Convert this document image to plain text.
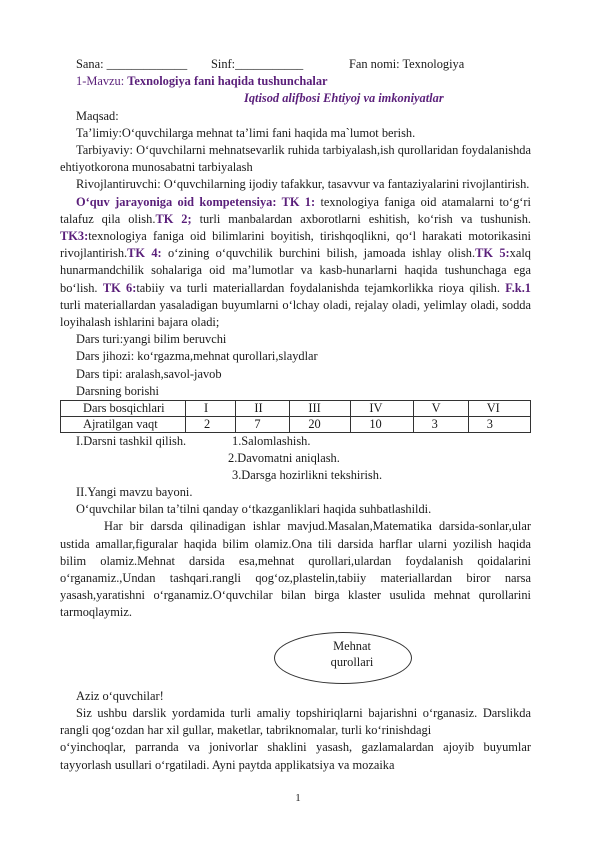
Sana: _____________	Sinf:___________	Fan nomi: Texnologiya

1-Mavzu: Texnologiya fani haqida tushunchalar

Iqtisod alifbosi Ehtiyoj va imkoniyatlar

Maqsad:

Ta’limiy:O‘quvchilarga mehnat ta’limi fani haqida ma`lumot berish.

Tarbiyaviy: O‘quvchilarni mehnatsevarlik ruhida tarbiyalash,ish qurollaridan foydalanishda ehtiyotkorona munosabatni tarbiyalash

Rivojlantiruvchi: O‘quvchilarning ijodiy tafakkur, tasavvur va fantaziyalarini rivojlantirish.

O‘quv jarayoniga oid kompetensiya: TK 1: texnologiya faniga oid atamalarni to‘g‘ri talafuz qila olish.TK 2; turli manbalardan axborotlarni eshitish, ko‘rish va tushunish. TK3:texnologiya faniga oid bilimlarini boyitish, tirishqoqlikni, qo‘l harakati motorikasini rivojlantirish.TK 4: o‘zining o‘quvchilik burchini bilish, jamoada ishlay olish.TK 5:xalq hunarmandchilik sohalariga oid ma’lumotlar va kasb-hunarlarni haqida tushunchaga ega bo‘lish. TK 6:tabiiy va turli materiallardan foydalanishda tejamkorlikka rioya qilish. F.k.1 turli materiallardan yasaladigan buyumlarni o‘lchay oladi, rejalay oladi, yelimlay oladi, sodda loyihalash ishlarini bajara oladi;

Dars turi:yangi bilim beruvchi

Dars jihozi: ko‘rgazma,mehnat qurollari,slaydlar

Dars tipi: aralash,savol-javob

Darsning borishi

Dars bosqichlari	I	II	III	IV	V	VI
Ajratilgan vaqt	2	7	20	10	3	3
I.Darsni tashkil qilish.	1.Salomlashish.
2.Davomatni aniqlash.
3.Darsga hozirlikni tekshirish.

II.Yangi mavzu bayoni.

O‘quvchilar bilan ta’tilni qanday o‘tkazganliklari haqida suhbatlashildi.

Har bir darsda qilinadigan ishlar mavjud.Masalan,Matematika darsida-sonlar,ular ustida amallar,figuralar haqida bilim olamiz.Ona tili darsida harflar ularni yozilish haqida bilim olamiz.Mehnat darsida esa,mehnat qurollari,ulardan foydalanish qoidalarini o‘rganamiz.,Undan tashqari.rangli qog‘oz,plastelin,tabiiy materiallardan biror narsa yasash,yaratishni o‘rganamiz.O‘quvchilar bilan birga klaster usulida mehnat qurollarini tarmoqlaymiz.

Mehnat
qurollari

Aziz o‘quvchilar!

Siz ushbu darslik yordamida turli amaliy topshiriqlarni bajarishni o‘rganasiz. Darslikda rangli qog‘ozdan har xil gullar, maketlar, tabriknomalar, turli ko‘rinishdagi

o‘yinchoqlar, parranda va jonivorlar shaklini yasash, gazlamalardan ajoyib buyumlar tayyorlash usullari o‘rgatiladi. Ayni paytda applikatsiya va mozaika

1
